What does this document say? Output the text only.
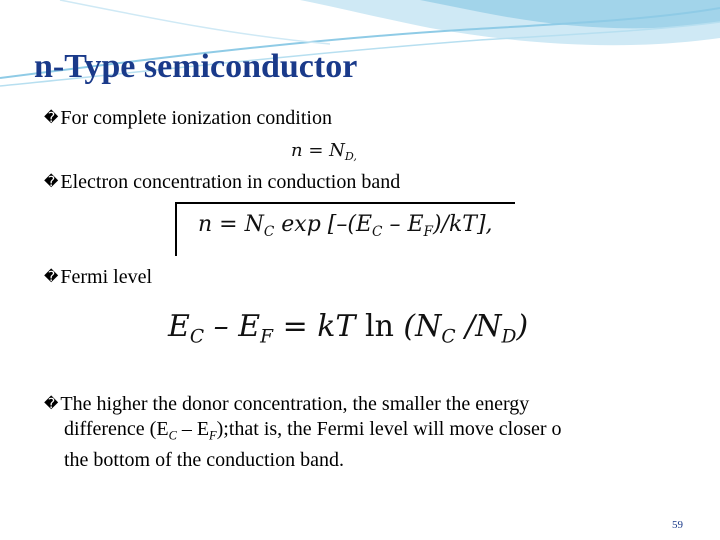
n-Type semiconductor
� For complete ionization condition
$n = N_{D,}$
� Electron concentration in conduction band
$n = N_C$ $\exp [-(E_C - E_F)/kT]$,
� Fermi level
$E_C - E_F$ = kT $\ln (N_C$ $/N_D$)
� The higher the donor concentration, the smaller the energy
difference ($E_C$ – $E_F);that$ is, the Fermi level will move closer o
the bottom of the conduction band.
59
